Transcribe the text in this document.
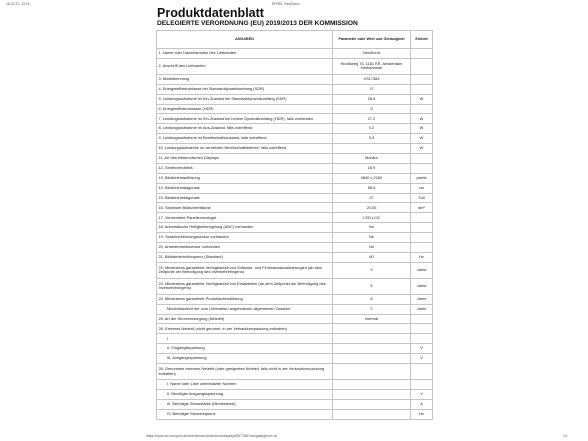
16.02.22, 13:18	EPREL ViewSonic
Produktdatenblatt
DELEGIERTE VERORDNUNG (EU) 2019/2013 DER KOMMISSION
ANGABEN	Parameter oder Wert und Genauigkeit	Einheit
1. Name oder Handelsmarke des Lieferanten	ViewSonic	
2. Anschrift des Lieferanten	Hoofdweg 75, 1181 KR, Amsterdam Netherlands	
3. Modellkennung	VS17384	
4. Energieeffizienzklasse bei Standarddynamikumfang (SDR)	G	
5. Leistungsaufnahme im Ein-Zustand bei Standarddynamikumfang (SDR)	26.8	W
6. Energieeffizienzklasse (HDR)	G	
7. Leistungsaufnahme im Ein-Zustand bei hohem Dynamikumfang (HDR), falls vorhanden	27.2	W
8. Leistungsaufnahme im Aus-Zustand, falls zutreffend	0.2	W
9. Leistungsaufnahme im Bereitschaftszustand, falls zutreffend	0.3	W
10. Leistungsaufnahme im vernetzten Bereitschaftsbetrieb, falls zutreffend		W
11. Art des elektronischen Displays	Monitor	
12. Seitenverhältnis	16:9	
13. Bildschirmauflösung	3840 x 2160	pixels
14. Bildschirmdiagonale	68.5	cm
15. Bildschirmdiagonale	27	Zoll
16. Sichtbare Bildschirmfläche	20.05	dm²
17. Verwendete Paneltechnologie	LED LCD	
18. Automatische Helligkeitsregelung (ABC) vorhanden	No	
19. Spracherkennungssensor vorhanden	No	
20. Anwesenheitssensor vorhanden	No	
21. Bildwiederholfrequenz (Standard)	60	Hz
22. Mindestens garantierte Verfügbarkeit von Software- und Firmwareaktualisierungen (ab dem Zeitpunkt der Beendigung des Inverkehrbringens)	9	Jahre
23. Mindestens garantierte Verfügbarkeit von Ersatzteilen (ab dem Zeitpunkt der Beendigung des Inverkehrbringens)	8	Jahre
24. Mindestens garantierte Produktunterstützung	8	Jahre
Mindestlaufzeit der vom Lieferanten angebotenen allgemeinen Garantie	2	Jahre
25. Art der Stromversorgung (Netzteil)	Internal	
26. Externes Netzteil (nicht genormt, in der Verkaufsverpackung enthalten)		
I.		
II. Eingangsspannung		V
III. Ausgangsspannung		V
26. Genormtes externes Netzteil (oder geeignetes Netzteil, falls nicht in der Verkaufsverpackung enthalten)		
I. Name oder Liste unterstützter Normen		
II. Benötigte Ausgangsspannung		V
III. Benötigte Stromstärke (Mindestwert)		A
IV. Benötigte Stromfrequenz		Hz
https://eprel.ec.europa.eu/screen/product/electronicdisplays/837788?navigatingfrom=qr	1/1
